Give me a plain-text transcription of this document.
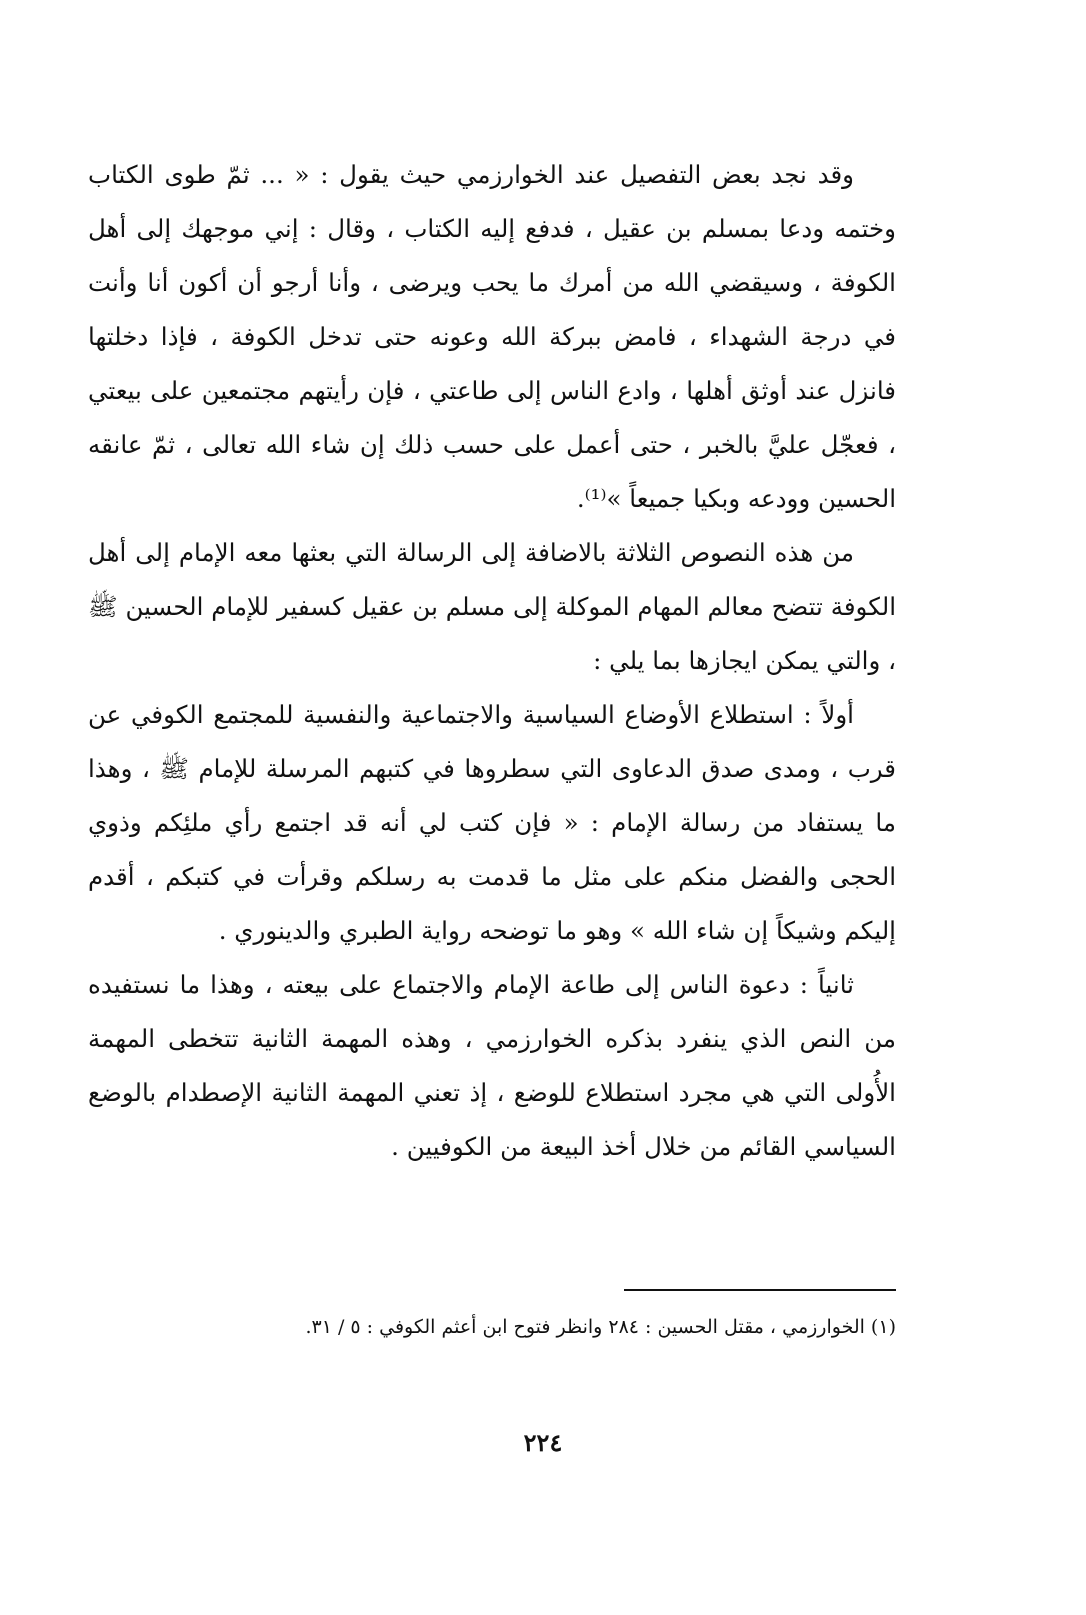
وقد نجد بعض التفصيل عند الخوارزمي حيث يقول : « ... ثمّ طوى الكتاب وختمه ودعا بمسلم بن عقيل ، فدفع إليه الكتاب ، وقال : إني موجهك إلى أهل الكوفة ، وسيقضي الله من أمرك ما يحب ويرضى ، وأنا أرجو أن أكون أنا وأنت في درجة الشهداء ، فامض ببركة الله وعونه حتى تدخل الكوفة ، فإذا دخلتها فانزل عند أوثق أهلها ، وادع الناس إلى طاعتي ، فإن رأيتهم مجتمعين على بيعتي ، فعجّل عليَّ بالخبر ، حتى أعمل على حسب ذلك إن شاء الله تعالى ، ثمّ عانقه الحسين وودعه وبكيا جميعاً »⁽¹⁾.

من هذه النصوص الثلاثة بالاضافة إلى الرسالة التي بعثها معه الإمام إلى أهل الكوفة تتضح معالم المهام الموكلة إلى مسلم بن عقيل كسفير للإمام الحسين ﷺ ، والتي يمكن ايجازها بما يلي :

أولاً : استطلاع الأوضاع السياسية والاجتماعية والنفسية للمجتمع الكوفي عن قرب ، ومدى صدق الدعاوى التي سطروها في كتبهم المرسلة للإمام ﷺ ، وهذا ما يستفاد من رسالة الإمام : « فإن كتب لي أنه قد اجتمع رأي ملئِكم وذوي الحجى والفضل منكم على مثل ما قدمت به رسلكم وقرأت في كتبكم ، أقدم إليكم وشيكاً إن شاء الله » وهو ما توضحه رواية الطبري والدينوري .

ثانياً : دعوة الناس إلى طاعة الإمام والاجتماع على بيعته ، وهذا ما نستفيده من النص الذي ينفرد بذكره الخوارزمي ، وهذه المهمة الثانية تتخطى المهمة الأُولى التي هي مجرد استطلاع للوضع ، إذ تعني المهمة الثانية الإصطدام بالوضع السياسي القائم من خلال أخذ البيعة من الكوفيين .

(١) الخوارزمي ، مقتل الحسين : ٢٨٤ وانظر فتوح ابن أعثم الكوفي : ٥ / ٣١.

٢٢٤
